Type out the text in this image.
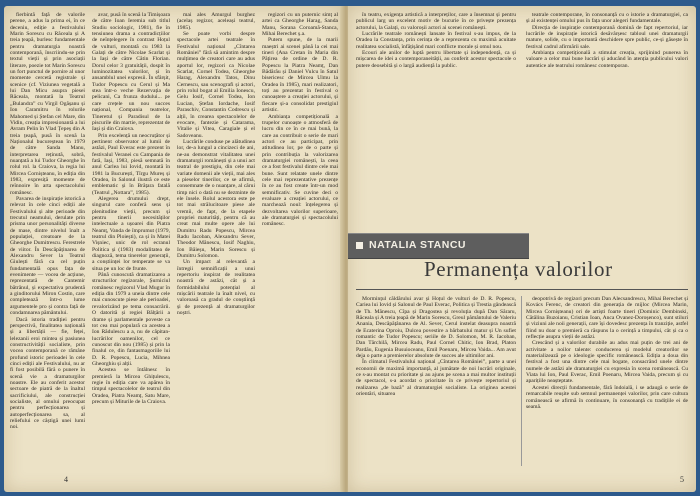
fierbintă față de valorile perene, a adus la prima ei, în ce deceniu, ediție a festivalului Marin Sorescu cu Răceala și A treia țeapă, burlesc fundamentale pentru dramaturgia noastră contemporană, înscriindu-se prin textul vieții și prin asociații literare, poezie tot Marin Sorescu un fort punctul de pornire al unor momente cercetă registrale și scenice (cf. Viziunea vegetală a lui Dan Micu asupra piesei Răceala, montată la Teatrul „Bulandra” cu Virgil Ogășanu și Ion Caramitru în rolurile Mahomed și Ștefan cel Mare, din Vidin, creația impresionantă a lui Avram Pelin în Vlad Țepeș din A treia țeapă, pusă în scenă la Naționalul bucureștean în 1979 de către Sanda Manu, interpretarea reținută, sobră, nuanțată a lui Tudor Gheorghe în rolul rol. la Craiova, la regia lui Mircea Cornișteanu, în ediția din 1983, expresiță momente de reînnoire în arta spectacolului românesc.

Pavarea de inspirație istorică a relevat în cele cinci ediții ale Festivalului și alte perioade din trecutul neamului, derulate prin prisma unor personalități diverse de mase, dintre nivelul înalt a populației, creatoare de la Gheorghe Dumitrescu. Ferestrele de viitor. În Descăpăținarea de Alexandru Sever la Teatrul Giulești fără ca cel puțin fundamentală opus fața de evenimente — vocea de acțiune, reprezentată de Cantemir bătrânul, și expectativa prudentă a ginditorului Miron Costin, care completează într-o lume argumentele pro și contra față de condamnarea pământului.

Dacă istoria tradiției pentru perspectivă, finalitatea națională și a libertății — fie, feței, lelezanii eroi mintea și pasiunea constructivității socialiste, prin vocea contemporană ce rămâne profund istoric perioadei în cele cinci ediții ale Festivalului, nu ar fi fost posibilă fără o punere în scenă vie a dramaturgilor noastre. Ele au conferit acestor sectoare de piatră de la înaltul sacrificiului, ale construcției socialiste, al omului preocupat pentru perfecționarea și autoperfecționarea sa, al reliefului ce câștigă unei lumi noi.

avar, pusă în scenă la Timișoara de către Ioan Ieremia sub titlul Studiu sociologic, 1981), fie în tensiunea drama a contradicțiilor de neînțelegere în contrast Hoțul de vulturi, montată cu 1983 la Galați de către Nicolae Scarlat și la Iași de către Cătin Florian. Dorul celor 3 gratuității, dospit în luminozitatea valorilor, și în ansamblul unei expresii. În sfârșit, Tudor Popescu cu Cerul și Ma stea într-o veche Rezervația de pelicani, Ca frunza dudului... pe care crețele un nou succes național, Compania teatrelor, Tineretul și Paradisul de la piscurile din martie, reprezentat de Iași și din Craiova.

Prin excelență un neocruțător și pertinent observator al lumii de astăzi, Paul Everac este prezent în festivalul Veranei cu Campania de fată, Iași, 1983, piesă semnată în anul Carlea lui Iovid, montată în 1981 la București, Tîrgu Mureș și Oradea, în Salonul ilustră ce este emblematic și în Brățara fatală (Teatrul „Nottara”, 1985).

Alegerea drumului drept, singurul care conferă sens și plenitudine vieții, precum și pentru tinerii necesităților intelectuale a ușoarei din Piatra Neamț, Vanda de împrumut (1979, teatrul din Ploiești), ca și în Matei Vișniec, unic de rol ecranul Politica și (1983) modalitatea de diagnoză, tema tinerelor generații, a conștiinței lor temperate se va situa pe un loc de frunte.

Până cunoscută dramatizarea a structurilor regizorale, Șurniciul românesc regizorul Vlad Mugur în ediția din 1979 a uneia dintre cele mai cunoscute piese ale perioadei, revalorizând pe tema consacrării. O datorită și regiei Bălțării a drame și parlamentale poveste ca tot cea mai populară ca acestea a Ion Rădulescu a a, nu de căpitan-lucrărilor oamenilor, cel ce cunoscut din nou (1985) și prin la finalul ce, din fantasmagoriile lui D. R. Popescu, Lucia, Mihnea Gheorghiu și alții.

Acestea se întâlnesc în premieră la Mircea Ghițulescu, regie în ediția care va apărea în timpul spectacolelor de teatrul din Oradea, Piatra Neamț, Satu Mare, precum și Miturile de la Craiova.

mai ales Amurgul burghez (acelaș regizor, aceleași teatrul, 1985).

Se poate vorbi despre spectacole artei teatrale în Festivalul național „Cîntarea României” fără să amintim despre mulțimea de creatori care au adus aportul lor, regizori ca Nicolae Scarlat, Cornel Todea, Gheorghe Harag, Alexandru Tatos, Dinu Cernescu, sau scenografi și actori, prin rolul bogat al Emilia Ionescu, Gelu Iosif, Cornel Todea, Ion Lucian, Ștefan Iordache, Iosif Paraschiv, Constantin Codrescu și alții, în crearea spectacolelor de evocare, fantezie și Catarama, Vitalie și Vitea, Caragiale și el Sadoveanu.

Lucrările conduse pe alătudinea lor, de-a lungul a cincizeci de ani, ne-au demonstrat vitalitatea unei dramaturgii românești și a unui act teatral de prestigiu, din cele mai variate domenii ale vieții, mai ales a pieselor tinerilor, ce se afirmă, consemnate de o nuanțare, al cărui timp nici o dată nu se dezminte de ele însele. Rolul acestora este pe tot mai strălucitoare piese ale vremii, de fapt, de la etapele propriei maturități, pentru că au creat mai multe opere ale lui Dumitru Radu Popescu, Mircea Radu Iacoban, Alexandru Sever, Theodor Mănescu, Iosif Naghiu, Ion Băieșu, Marin Sorescu și Dumitru Solomon.

Un impact al relevantă a întregii semnificații a unui repertoriu inspirat de realitatea noastră de astăzi, cât și a formidabilului potențial al mișcării teatrale la înalt nivel, cu valoroasă ca gradul de conștiință și de prezență al dramaturgilor noștri.

regizori cu un puternic simț al artei ca Gheorghe Harag, Sanda Manu, Sorana Coroamă-Stanca, Mihai Berechet ș.a.

Putem spune, de la marii maeștri ai scenei până la cei mai tineri (Ana Cretan în Maria din Pățirea de ordine de D. R. Popescu la Piatra Neamț, Dan Bădărău și Daniel Vulcu în Satul bisericesc de Mircea Ulmu la Oradea în 1985), mari realizatori, toți au prezentat în festival o cunoaștere a creației actorului, și fiecare și-a consolidat prestigiul artistic.

Ambianța competițională a trupelor cunoaște o atmosferă de lucru din ce în ce mai bună, la care au contribuit o serie de mari actori ce au participat, prin atitudinea lor, pe de o parte și prin contribuția la valorizarea dramaturgiei românești, la ceea ce a fost festivalul dintre cele mai bune. Sunt relatate unele dintre cele mai reprezentative prezențe în ce au fost create într-un mod semnificativ. Se cuvine deci o evaluare a creației actorului, ce marchează noul: înțelegerea și dezvoltarea valorilor superioare, ale dramaturgiei și spectacolului românesc.

4

în teatru, exigența artistică a interpreților, care a însemnat și pentru publicul larg un excelent motiv de bucurie în ce privește prezența actorului, la Galați, cu valoroșii actori ai scenei românești.

Lucrările teatrale românești lansate în festival s-au impus, de la Oradea la Constanța, prin cerința de a reprezenta cu maximă acuitate realitatea socialistă, înfățișând mari conflicte morale și omul nou.

Ecouri ale anilor de luptă pentru libertate și independență, ca și mișcarea de idei a contemporaneității, au conferit acestor spectacole o putere deosebită și o largă audiență la public.

teatrale contemporane, în consonanță cu o istorie a dramaturgiei, ca și al existenței omului pus în fața unor alegeri fundamentale.

Direcția de inspirație contemporană domină de fapt repertoriul, iar lucrările de inspirație istorică desăvârșesc tabloul unei dramaturgii mature, solide, cu o importantă deschidere spre public, ce-și găsește în festival cadrul afirmării sale.

Ambianța competițională a stimulat creația, sprijinind punerea în valoare a celor mai bune lucrări și aducând în atenția publicului valori autentice ale teatrului românesc contemporan.

NATALIA STANCU
Permanența valorilor

Mormințul căldărului avar și Hoțul de vulturi de D. R. Popescu, Cariea lui Iovid și Salonul de Paul Everac, Politica și Trestia gândească de Th. Mănescu, Cîpa și Dragostea și revoluția după Dan Săraru, Răceala și A treia țeapă de Marin Sorescu, Greul pământului de Valeriu Anania, Descăpățânarea de Al. Sever, Cerul instelat deasupra noastră de Ecaterina Oproiu, Dulcea povestire a bărbatului matur și Un sufiet romantic de Tudor Popescu; seriile de D. Solomon, M. R. Iacoban, Dan Tărchilă, Mircea Radu, Paul Cornel Chitic, Ion Brad, Platon Pardău, Eugenia Busuioceanu, Emil Poenaru, Mircea Vaida... Am avut deja o parte a premierelor absolute de succes ale ultimilor ani.

În climatul Festivalului național „Cîntarea României”, parte a unei economii de maximă importanță, al jumătate de noi lucrări originale, ce s-au montat cu prioritate și au ajuns pe scena a mai multor instituții de spectacol, s-a acordat o prioritate în ce privește repertoriul și realizarea „de bază” al dramaturgiei socialiste. La originea acestei orientări, situarea

deopotrivă de regizori precum Dan Alecsandrescu, Mihai Berechet și Kovács Ferenc, de creatori din generația de mijloc (Mircea Marin, Mircea Cornișteanu) ori de artiști foarte tineri (Dominic Dembinski, Cătălina Buzoianu, Cristian Ioan, Anca Ovanez-Doroșenco), sunt stiluri și viziuni ale noii generații, care își dovedesc prezența în tranziție, astfel fiind nu doar o premieră ca răspuns la o cerință a timpului, cât și ca o reflecție asupra vieții de astăzi.

Crescând și a valorilor durabile au adus mai puțin de trei ani de activitate a noilor talente: conducerea și modelul creatorilor se materializează pe o ideologie specific românească. Ediția a doua din festival a fost una dintre cele mai bogate, consacrând unele dintre numele de astăzi ale dramaturgiei cu expresia în scena românească. Cu Viata lui Ion, Paul Everac, Emil Poenaru, Mircea Vaida, precum și cu aparițiile neașteptate.

Acestei direcții fundamentale, fără îndoială, i se adaugă o serie de remarcabile reușite sub semnul permanenței valorilor, prin care cultura românească se afirmă în continuare, în consonanță cu tradițiile ei de seamă.

5
